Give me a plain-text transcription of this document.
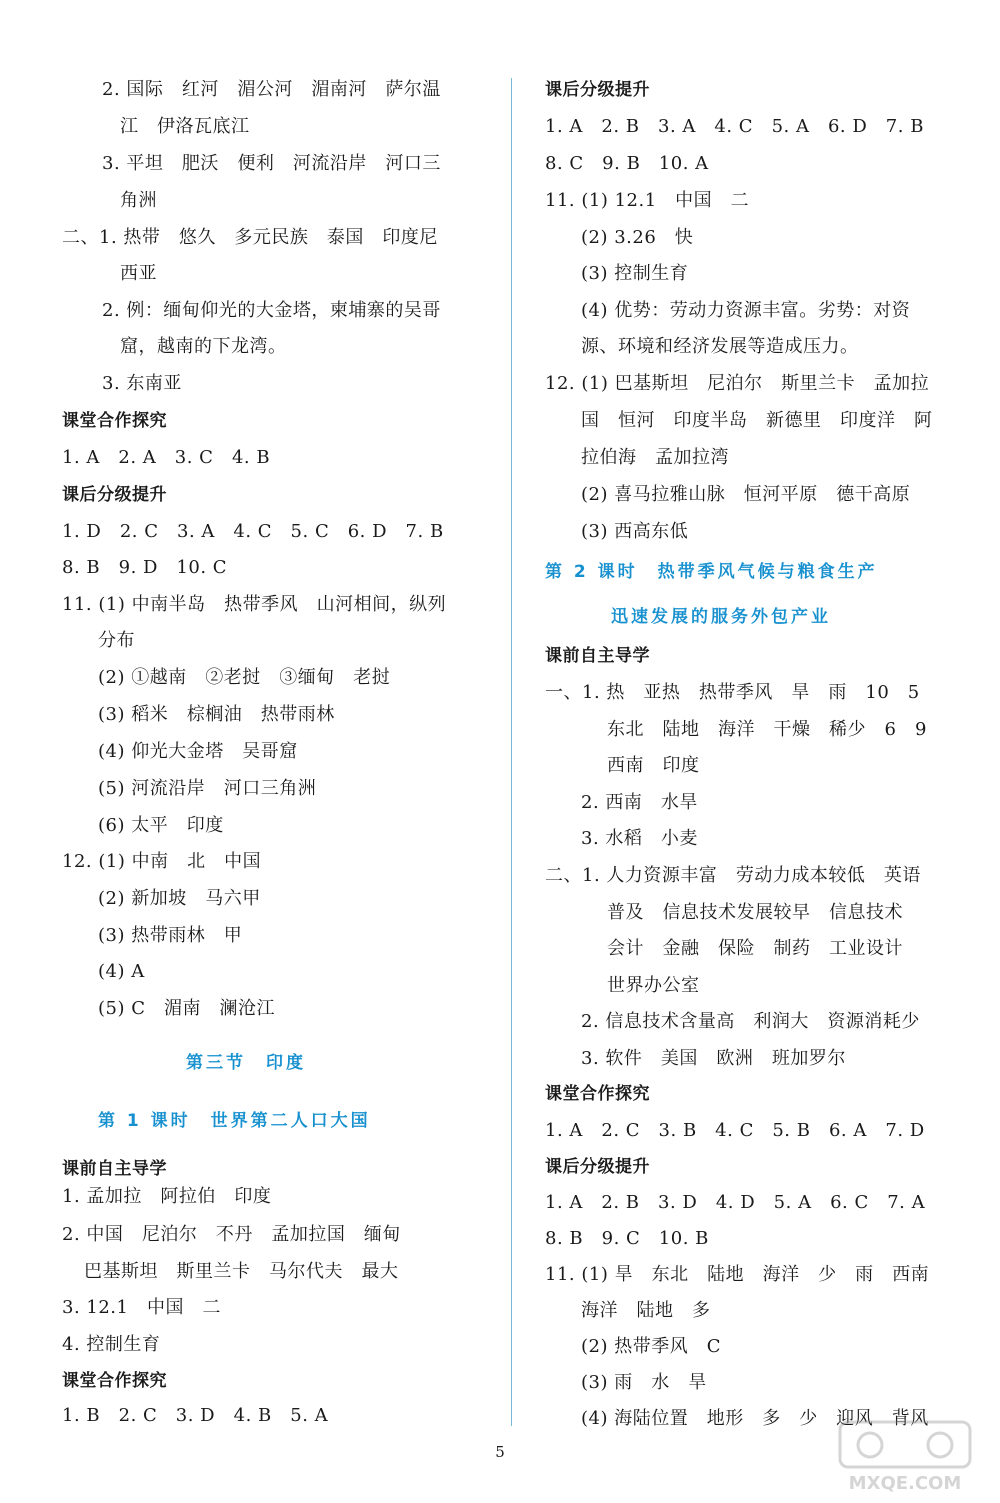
2. 国际　红河　湄公河　湄南河　萨尔温
江　伊洛瓦底江
3. 平坦　肥沃　便利　河流沿岸　河口三
角洲
二、1. 热带　悠久　多元民族　泰国　印度尼
西亚
2. 例：缅甸仰光的大金塔，柬埔寨的吴哥
窟，越南的下龙湾。
3. 东南亚
课堂合作探究
1. A　2. A　3. C　4. B
课后分级提升
1. D　2. C　3. A　4. C　5. C　6. D　7. B
8. B　9. D　10. C
11. (1) 中南半岛　热带季风　山河相间，纵列
分布
(2) ①越南　②老挝　③缅甸　老挝
(3) 稻米　棕榈油　热带雨林
(4) 仰光大金塔　吴哥窟
(5) 河流沿岸　河口三角洲
(6) 太平　印度
12. (1) 中南　北　中国
(2) 新加坡　马六甲
(3) 热带雨林　甲
(4) A
(5) C　湄南　澜沧江
第三节　印度
第 1 课时　世界第二人口大国
课前自主导学
1. 孟加拉　阿拉伯　印度
2. 中国　尼泊尔　不丹　孟加拉国　缅甸
巴基斯坦　斯里兰卡　马尔代夫　最大
3. 12.1　中国　二
4. 控制生育
课堂合作探究
1. B　2. C　3. D　4. B　5. A
课后分级提升
1. A　2. B　3. A　4. C　5. A　6. D　7. B
8. C　9. B　10. A
11. (1) 12.1　中国　二
(2) 3.26　快
(3) 控制生育
(4) 优势：劳动力资源丰富。劣势：对资
源、环境和经济发展等造成压力。
12. (1) 巴基斯坦　尼泊尔　斯里兰卡　孟加拉
国　恒河　印度半岛　新德里　印度洋　阿
拉伯海　孟加拉湾
(2) 喜马拉雅山脉　恒河平原　德干高原
(3) 西高东低
第 2 课时　热带季风气候与粮食生产
迅速发展的服务外包产业
课前自主导学
一、1. 热　亚热　热带季风　旱　雨　10　5
东北　陆地　海洋　干燥　稀少　6　9
西南　印度
2. 西南　水旱
3. 水稻　小麦
二、1. 人力资源丰富　劳动力成本较低　英语
普及　信息技术发展较早　信息技术
会计　金融　保险　制药　工业设计
世界办公室
2. 信息技术含量高　利润大　资源消耗少
3. 软件　美国　欧洲　班加罗尔
课堂合作探究
1. A　2. C　3. B　4. C　5. B　6. A　7. D
课后分级提升
1. A　2. B　3. D　4. D　5. A　6. C　7. A
8. B　9. C　10. B
11. (1) 旱　东北　陆地　海洋　少　雨　西南
海洋　陆地　多
(2) 热带季风　C
(3) 雨　水　旱
(4) 海陆位置　地形　多　少　迎风　背风
5
MXQE.COM
